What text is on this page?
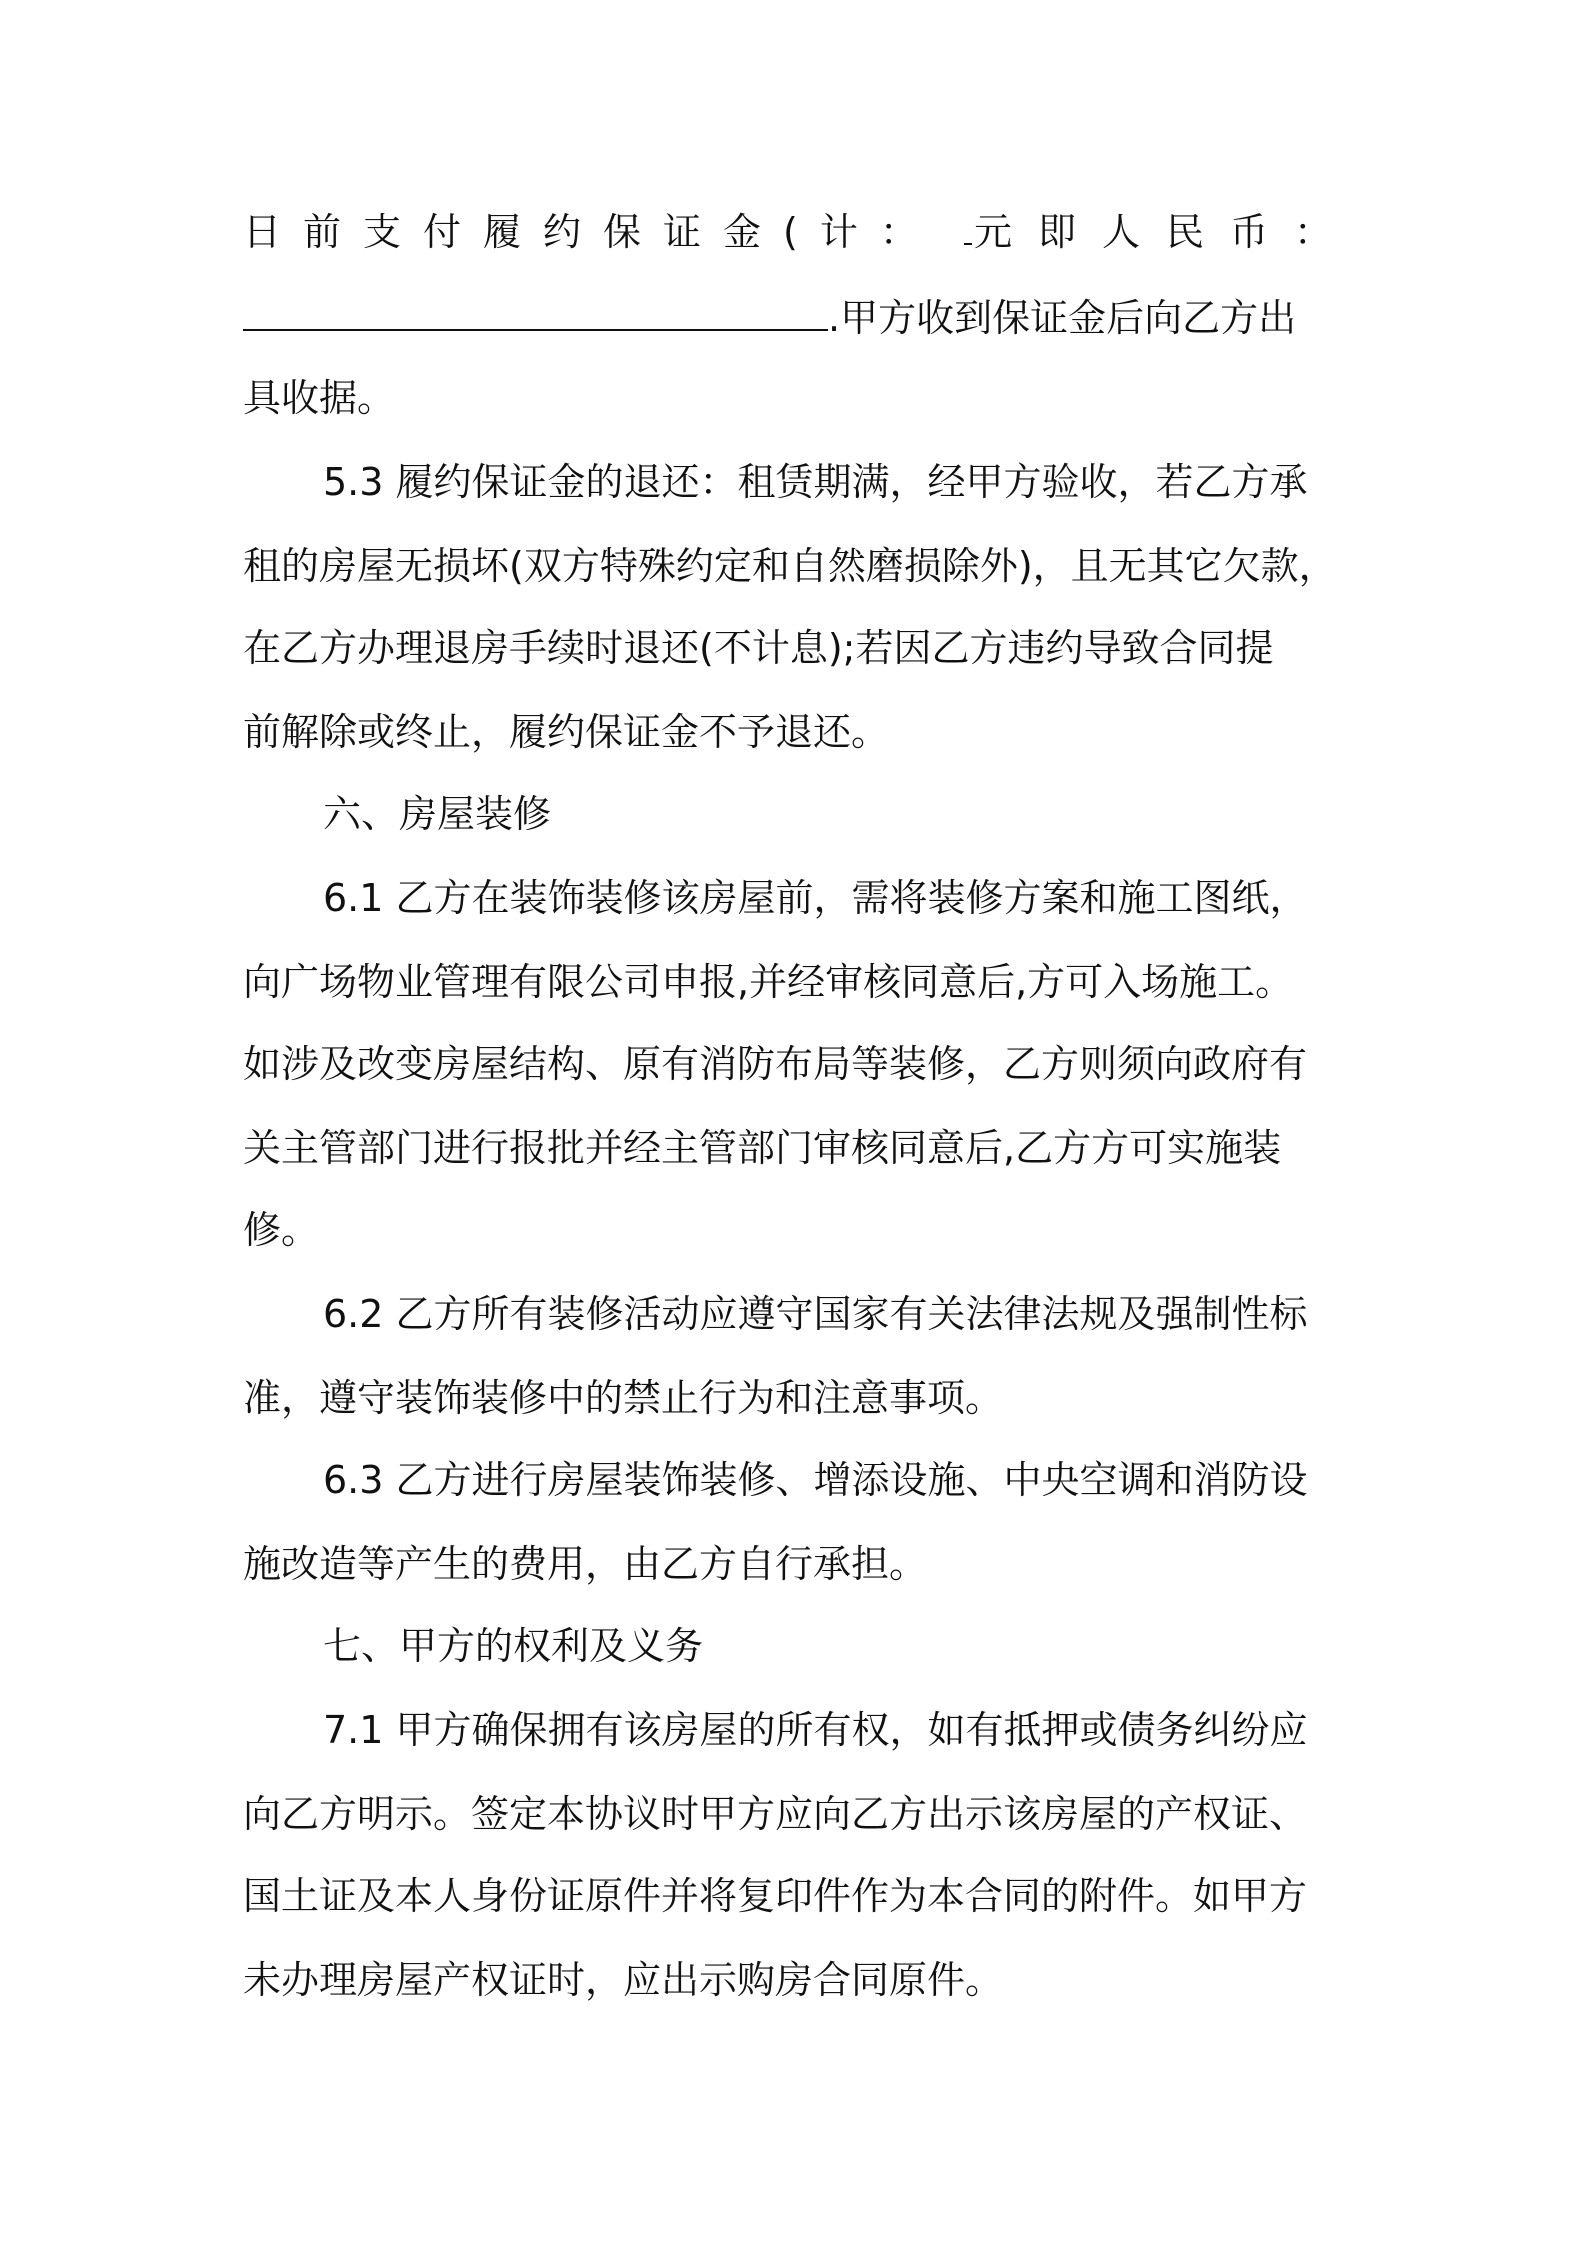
日前支付履约保证金(计： 元即人民币：
.甲方收到保证金后向乙方出
具收据。
5.3 履约保证金的退还：租赁期满，经甲方验收，若乙方承
租的房屋无损坏(双方特殊约定和自然磨损除外)，且无其它欠款，
在乙方办理退房手续时退还(不计息);若因乙方违约导致合同提
前解除或终止，履约保证金不予退还。
六、房屋装修
6.1 乙方在装饰装修该房屋前，需将装修方案和施工图纸，
向广场物业管理有限公司申报,并经审核同意后,方可入场施工。
如涉及改变房屋结构、原有消防布局等装修，乙方则须向政府有
关主管部门进行报批并经主管部门审核同意后,乙方方可实施装
修。
6.2 乙方所有装修活动应遵守国家有关法律法规及强制性标
准，遵守装饰装修中的禁止行为和注意事项。
6.3 乙方进行房屋装饰装修、增添设施、中央空调和消防设
施改造等产生的费用，由乙方自行承担。
七、甲方的权利及义务
7.1 甲方确保拥有该房屋的所有权，如有抵押或债务纠纷应
向乙方明示。签定本协议时甲方应向乙方出示该房屋的产权证、
国土证及本人身份证原件并将复印件作为本合同的附件。如甲方
未办理房屋产权证时，应出示购房合同原件。
